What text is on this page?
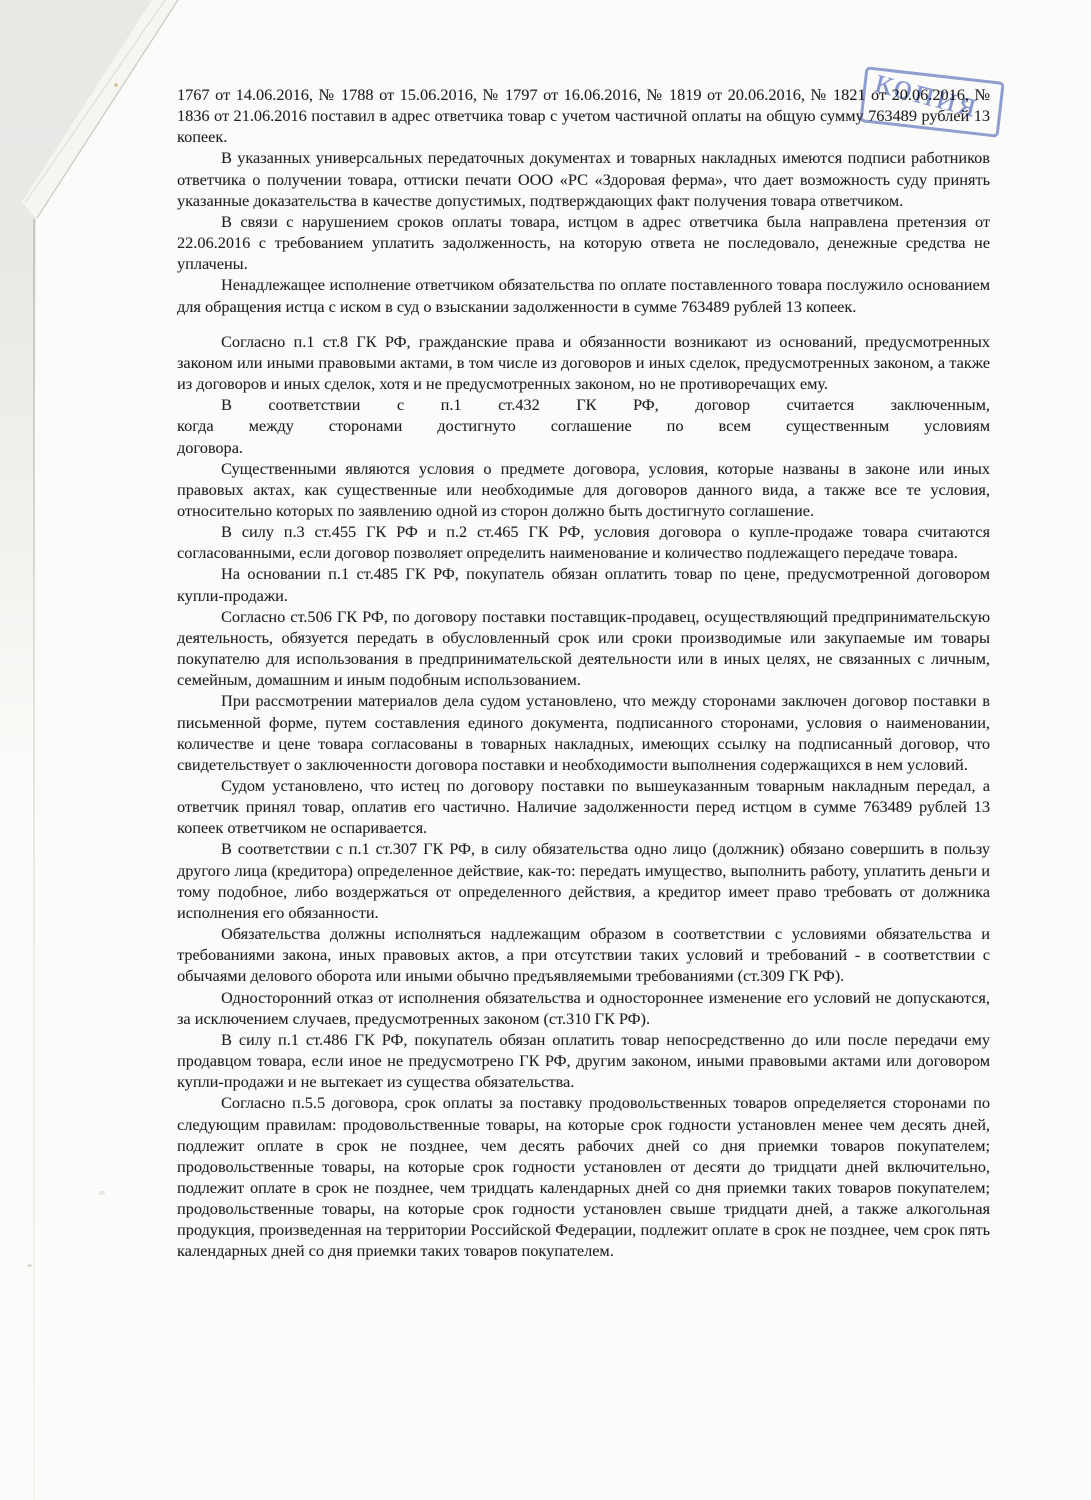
1767 от 14.06.2016, № 1788 от 15.06.2016, № 1797 от 16.06.2016, № 1819 от 20.06.2016, № 1821 от 20.06.2016, № 1836 от 21.06.2016 поставил в адрес ответчика товар с учетом частичной оплаты на общую сумму 763489 рублей 13 копеек.

В указанных универсальных передаточных документах и товарных накладных имеются подписи работников ответчика о получении товара, оттиски печати ООО «РС «Здоровая ферма», что дает возможность суду принять указанные доказательства в качестве допустимых, подтверждающих факт получения товара ответчиком.

В связи с нарушением сроков оплаты товара, истцом в адрес ответчика была направлена претензия от 22.06.2016 с требованием уплатить задолженность, на которую ответа не последовало, денежные средства не уплачены.

Ненадлежащее исполнение ответчиком обязательства по оплате поставленного товара послужило основанием для обращения истца с иском в суд о взыскании задолженности в сумме 763489 рублей 13 копеек.

Согласно п.1 ст.8 ГК РФ, гражданские права и обязанности возникают из оснований, предусмотренных законом или иными правовыми актами, в том числе из договоров и иных сделок, предусмотренных законом, а также из договоров и иных сделок, хотя и не предусмотренных законом, но не противоречащих ему.

В соответствии с п.1 ст.432 ГК РФ, договор считается заключенным, когда между сторонами достигнуто соглашение по всем существенным условиям договора.

Существенными являются условия о предмете договора, условия, которые названы в законе или иных правовых актах, как существенные или необходимые для договоров данного вида, а также все те условия, относительно которых по заявлению одной из сторон должно быть достигнуто соглашение.

В силу п.3 ст.455 ГК РФ и п.2 ст.465 ГК РФ, условия договора о купле-продаже товара считаются согласованными, если договор позволяет определить наименование и количество подлежащего передаче товара.

На основании п.1 ст.485 ГК РФ, покупатель обязан оплатить товар по цене, предусмотренной договором купли-продажи.

Согласно ст.506 ГК РФ, по договору поставки поставщик-продавец, осуществляющий предпринимательскую деятельность, обязуется передать в обусловленный срок или сроки производимые или закупаемые им товары покупателю для использования в предпринимательской деятельности или в иных целях, не связанных с личным, семейным, домашним и иным подобным использованием.

При рассмотрении материалов дела судом установлено, что между сторонами заключен договор поставки в письменной форме, путем составления единого документа, подписанного сторонами, условия о наименовании, количестве и цене товара согласованы в товарных накладных, имеющих ссылку на подписанный договор, что свидетельствует о заключенности договора поставки и необходимости выполнения содержащихся в нем условий.

Судом установлено, что истец по договору поставки по вышеуказанным товарным накладным передал, а ответчик принял товар, оплатив его частично. Наличие задолженности перед истцом в сумме 763489 рублей 13 копеек ответчиком не оспаривается.

В соответствии с п.1 ст.307 ГК РФ, в силу обязательства одно лицо (должник) обязано совершить в пользу другого лица (кредитора) определенное действие, как-то: передать имущество, выполнить работу, уплатить деньги и тому подобное, либо воздержаться от определенного действия, а кредитор имеет право требовать от должника исполнения его обязанности.

Обязательства должны исполняться надлежащим образом в соответствии с условиями обязательства и требованиями закона, иных правовых актов, а при отсутствии таких условий и требований - в соответствии с обычаями делового оборота или иными обычно предъявляемыми требованиями (ст.309 ГК РФ).

Односторонний отказ от исполнения обязательства и одностороннее изменение его условий не допускаются, за исключением случаев, предусмотренных законом (ст.310 ГК РФ).

В силу п.1 ст.486 ГК РФ, покупатель обязан оплатить товар непосредственно до или после передачи ему продавцом товара, если иное не предусмотрено ГК РФ, другим законом, иными правовыми актами или договором купли-продажи и не вытекает из существа обязательства.

Согласно п.5.5 договора, срок оплаты за поставку продовольственных товаров определяется сторонами по следующим правилам: продовольственные товары, на которые срок годности установлен менее чем десять дней, подлежит оплате в срок не позднее, чем десять рабочих дней со дня приемки товаров покупателем; продовольственные товары, на которые срок годности установлен от десяти до тридцати дней включительно, подлежит оплате в срок не позднее, чем тридцать календарных дней со дня приемки таких товаров покупателем; продовольственные товары, на которые срок годности установлен свыше тридцати дней, а также алкогольная продукция, произведенная на территории Российской Федерации, подлежит оплате в срок не позднее, чем срок пять календарных дней со дня приемки таких товаров покупателем.

копия
